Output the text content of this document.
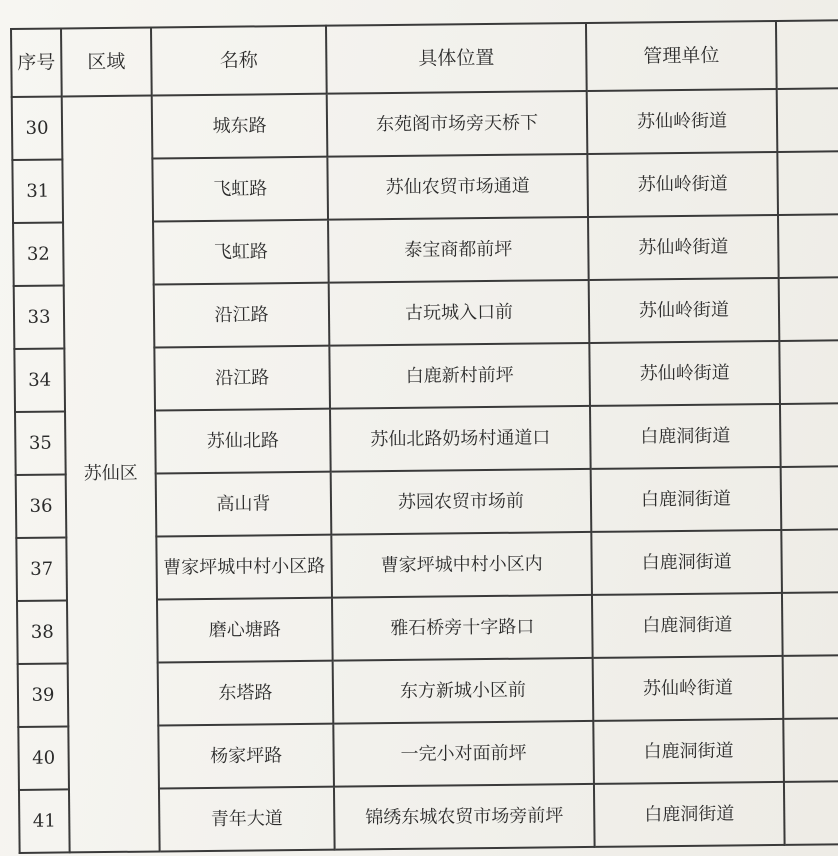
序号	区域	名称	具体位置	管理单位	
30	苏仙区	城东路	东苑阁市场旁天桥下	苏仙岭街道	
31		飞虹路	苏仙农贸市场通道	苏仙岭街道	
32		飞虹路	泰宝商都前坪	苏仙岭街道	
33		沿江路	古玩城入口前	苏仙岭街道	
34		沿江路	白鹿新村前坪	苏仙岭街道	
35		苏仙北路	苏仙北路奶场村通道口	白鹿洞街道	
36		高山背	苏园农贸市场前	白鹿洞街道	
37		曹家坪城中村小区路	曹家坪城中村小区内	白鹿洞街道	
38		磨心塘路	雅石桥旁十字路口	白鹿洞街道	
39		东塔路	东方新城小区前	苏仙岭街道	
40		杨家坪路	一完小对面前坪	白鹿洞街道	
41		青年大道	锦绣东城农贸市场旁前坪	白鹿洞街道	
